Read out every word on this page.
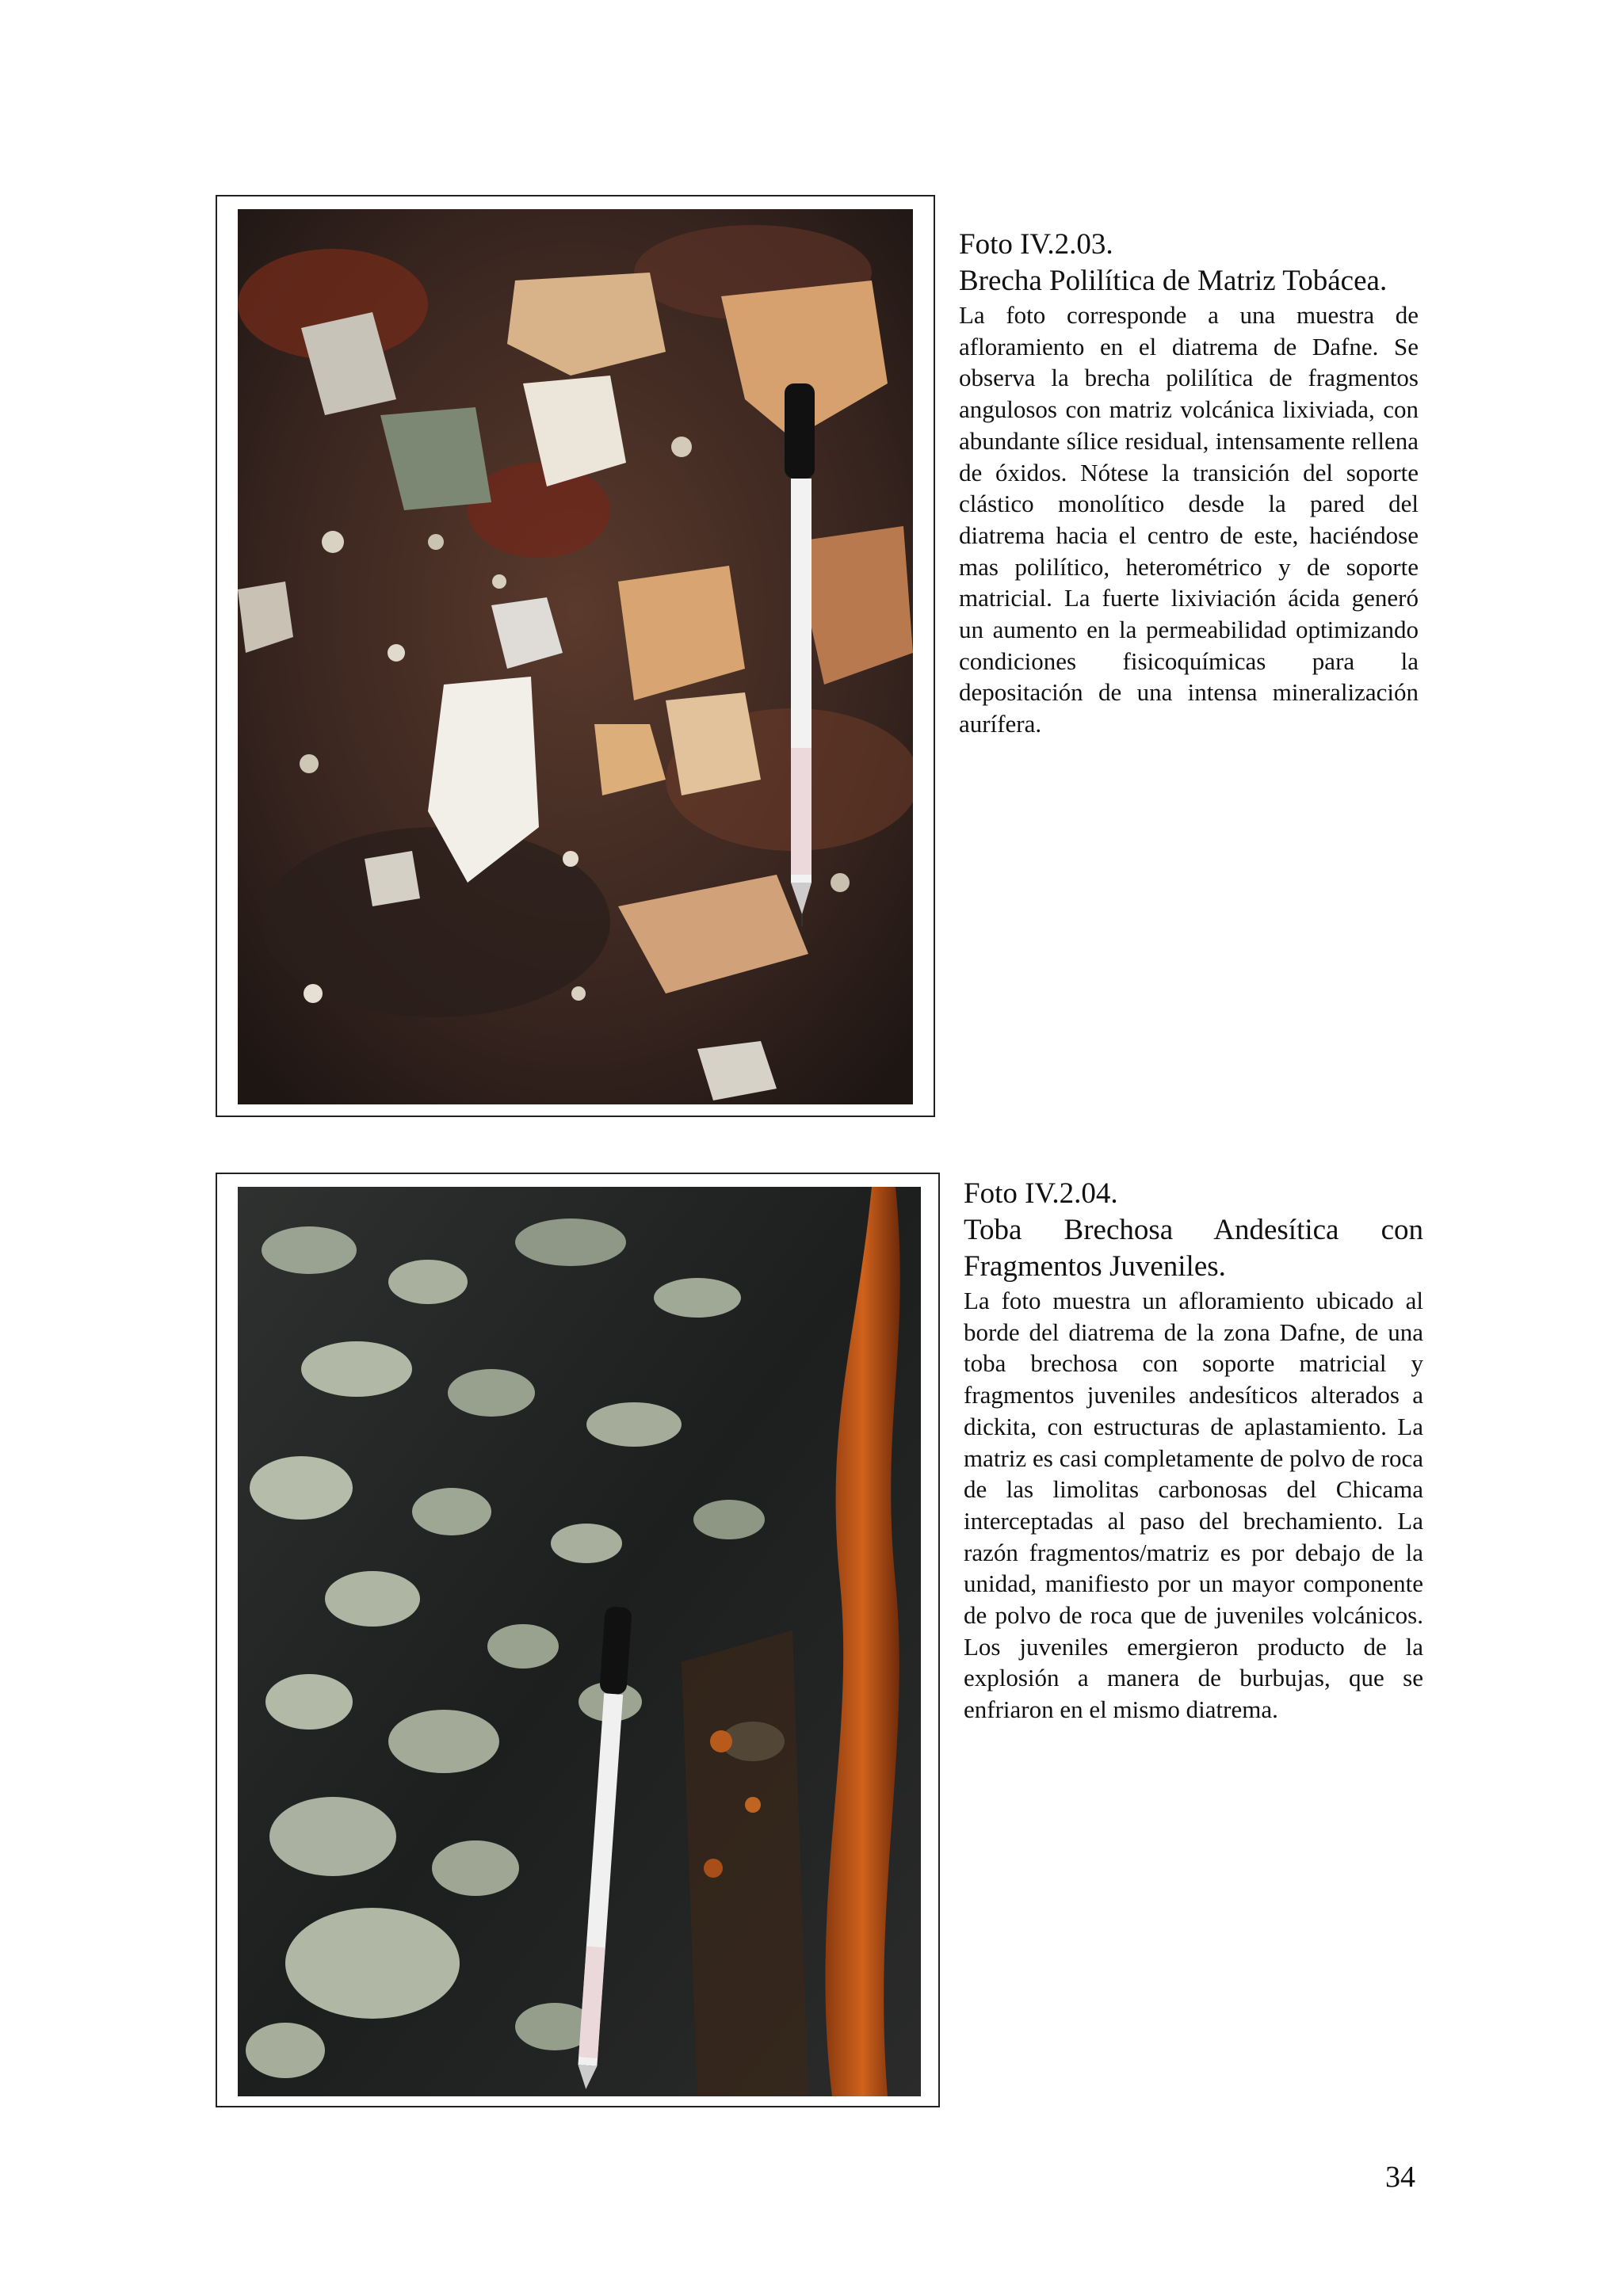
Foto IV.2.03.

Brecha Polilítica de Matriz Tobácea.

La foto corresponde a una muestra de afloramiento en el diatrema de Dafne. Se observa la brecha polilítica de fragmentos angulosos con matriz volcánica lixiviada, con abundante sílice residual, intensamente rellena de óxidos. Nótese la transición del soporte clástico monolítico desde la pared del diatrema hacia el centro de este, haciéndose mas polilítico, heterométrico y de soporte matricial. La fuerte lixiviación ácida generó un aumento en la permeabilidad optimizando condiciones fisicoquímicas para la depositación de una intensa mineralización aurífera.

Foto IV.2.04.

Toba Brechosa Andesítica con Fragmentos Juveniles.

La foto muestra un afloramiento ubicado al borde del diatrema de la zona Dafne, de una toba brechosa con soporte matricial y fragmentos juveniles andesíticos alterados a dickita, con estructuras de aplastamiento. La matriz es casi completamente de polvo de roca de las limolitas carbonosas del Chicama interceptadas al paso del brechamiento. La razón fragmentos/matriz es por debajo de la unidad, manifiesto por un mayor componente de polvo de roca que de juveniles volcánicos. Los juveniles emergieron producto de la explosión a manera de burbujas, que se enfriaron en el mismo diatrema.

34
